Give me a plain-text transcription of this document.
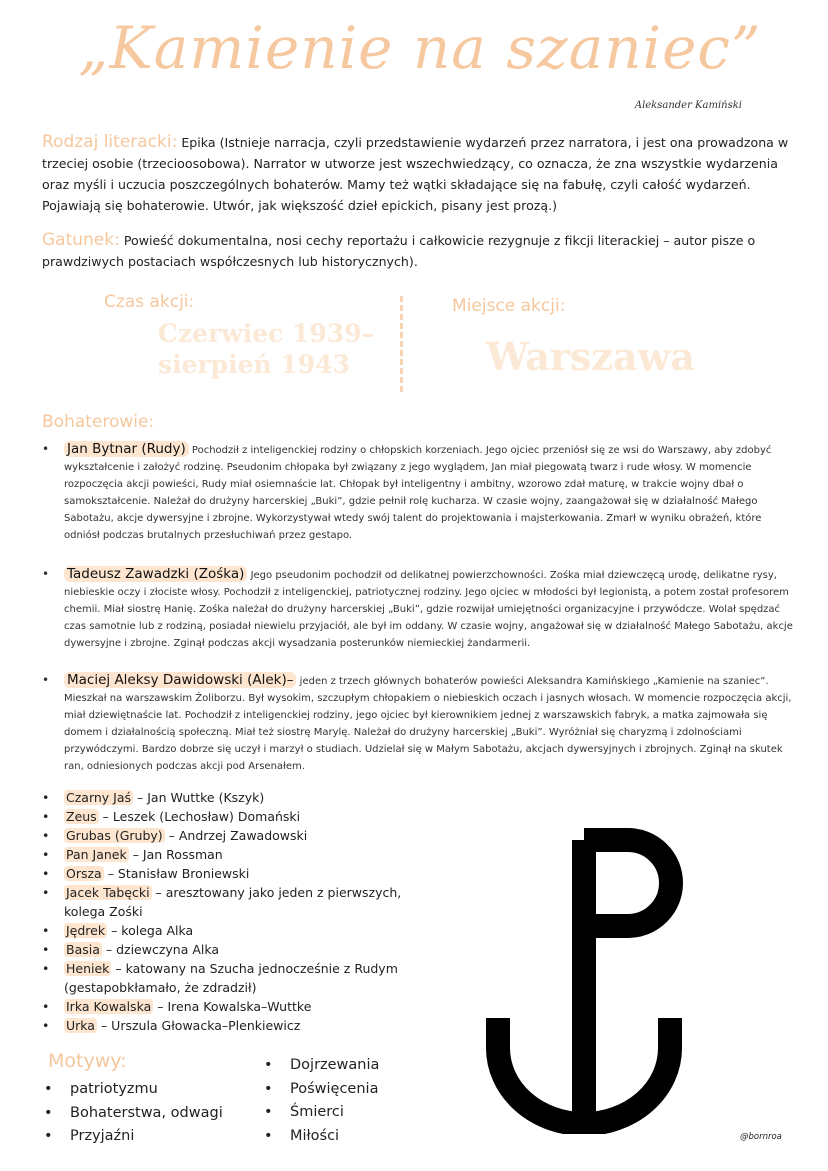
„Kamienie na szaniec”
Aleksander Kamiński
Rodzaj literacki: Epika (Istnieje narracja, czyli przedstawienie wydarzeń przez narratora, i jest ona prowadzona w trzeciej osobie (trzecioosobowa). Narrator w utworze jest wszechwiedzący, co oznacza, że zna wszystkie wydarzenia oraz myśli i uczucia poszczególnych bohaterów. Mamy też wątki składające się na fabułę, czyli całość wydarzeń. Pojawiają się bohaterowie. Utwór, jak większość dzieł epickich, pisany jest prozą.)
Gatunek: Powieść dokumentalna, nosi cechy reportażu i całkowicie rezygnuje z fikcji literackiej – autor pisze o prawdziwych postaciach współczesnych lub historycznych).
Czas akcji:
Czerwiec 1939–
sierpień 1943
Miejsce akcji:
Warszawa
Bohaterowie:
• Jan Bytnar (Rudy) Pochodził z inteligenckiej rodziny o chłopskich korzeniach. Jego ojciec przeniósł się ze wsi do Warszawy, aby zdobyć wykształcenie i założyć rodzinę. Pseudonim chłopaka był związany z jego wyglądem, Jan miał piegowatą twarz i rude włosy. W momencie rozpoczęcia akcji powieści, Rudy miał osiemnaście lat. Chłopak był inteligentny i ambitny, wzorowo zdał maturę, w trakcie wojny dbał o samokształcenie. Należał do drużyny harcerskiej „Buki”, gdzie pełnił rolę kucharza. W czasie wojny, zaangażował się w działalność Małego Sabotażu, akcje dywersyjne i zbrojne. Wykorzystywał wtedy swój talent do projektowania i majsterkowania. Zmarł w wyniku obrażeń, które odniósł podczas brutalnych przesłuchiwań przez gestapo.
• Tadeusz Zawadzki (Zośka) Jego pseudonim pochodził od delikatnej powierzchowności. Zośka miał dziewczęcą urodę, delikatne rysy, niebieskie oczy i złociste włosy. Pochodził z inteligenckiej, patriotycznej rodziny. Jego ojciec w młodości był legionistą, a potem został profesorem chemii. Miał siostrę Hanię. Zośka należał do drużyny harcerskiej „Buki”, gdzie rozwijał umiejętności organizacyjne i przywódcze. Wolał spędzać czas samotnie lub z rodziną, posiadał niewielu przyjaciół, ale był im oddany. W czasie wojny, angażował się w działalność Małego Sabotażu, akcje dywersyjne i zbrojne. Zginął podczas akcji wysadzania posterunków niemieckiej żandarmerii.
• Maciej Aleksy Dawidowski (Alek)– jeden z trzech głównych bohaterów powieści Aleksandra Kamińskiego „Kamienie na szaniec”. Mieszkał na warszawskim Żoliborzu. Był wysokim, szczupłym chłopakiem o niebieskich oczach i jasnych włosach. W momencie rozpoczęcia akcji, miał dziewiętnaście lat. Pochodził z inteligenckiej rodziny, jego ojciec był kierownikiem jednej z warszawskich fabryk, a matka zajmowała się domem i działalnością społeczną. Miał też siostrę Marylę. Należał do drużyny harcerskiej „Buki”. Wyróżniał się charyzmą i zdolnościami przywódczymi. Bardzo dobrze się uczył i marzył o studiach. Udzielał się w Małym Sabotażu, akcjach dywersyjnych i zbrojnych. Zginął na skutek ran, odniesionych podczas akcji pod Arsenałem.
• Czarny Jaś – Jan Wuttke (Kszyk)
• Zeus – Leszek (Lechosław) Domański
• Grubas (Gruby) – Andrzej Zawadowski
• Pan Janek – Jan Rossman
• Orsza – Stanisław Broniewski
• Jacek Tabęcki – aresztowany jako jeden z pierwszych, kolega Zośki
• Jędrek – kolega Alka
• Basia – dziewczyna Alka
• Heniek – katowany na Szucha jednocześnie z Rudym (gestapobkłamało, że zdradził)
• Irka Kowalska – Irena Kowalska–Wuttke
• Urka – Urszula Głowacka–Plenkiewicz
Motywy:
• patriotyzmu
• Bohaterstwa, odwagi
• Przyjaźni
• Dojrzewania
• Poświęcenia
• Śmierci
• Miłości	@bornroa
